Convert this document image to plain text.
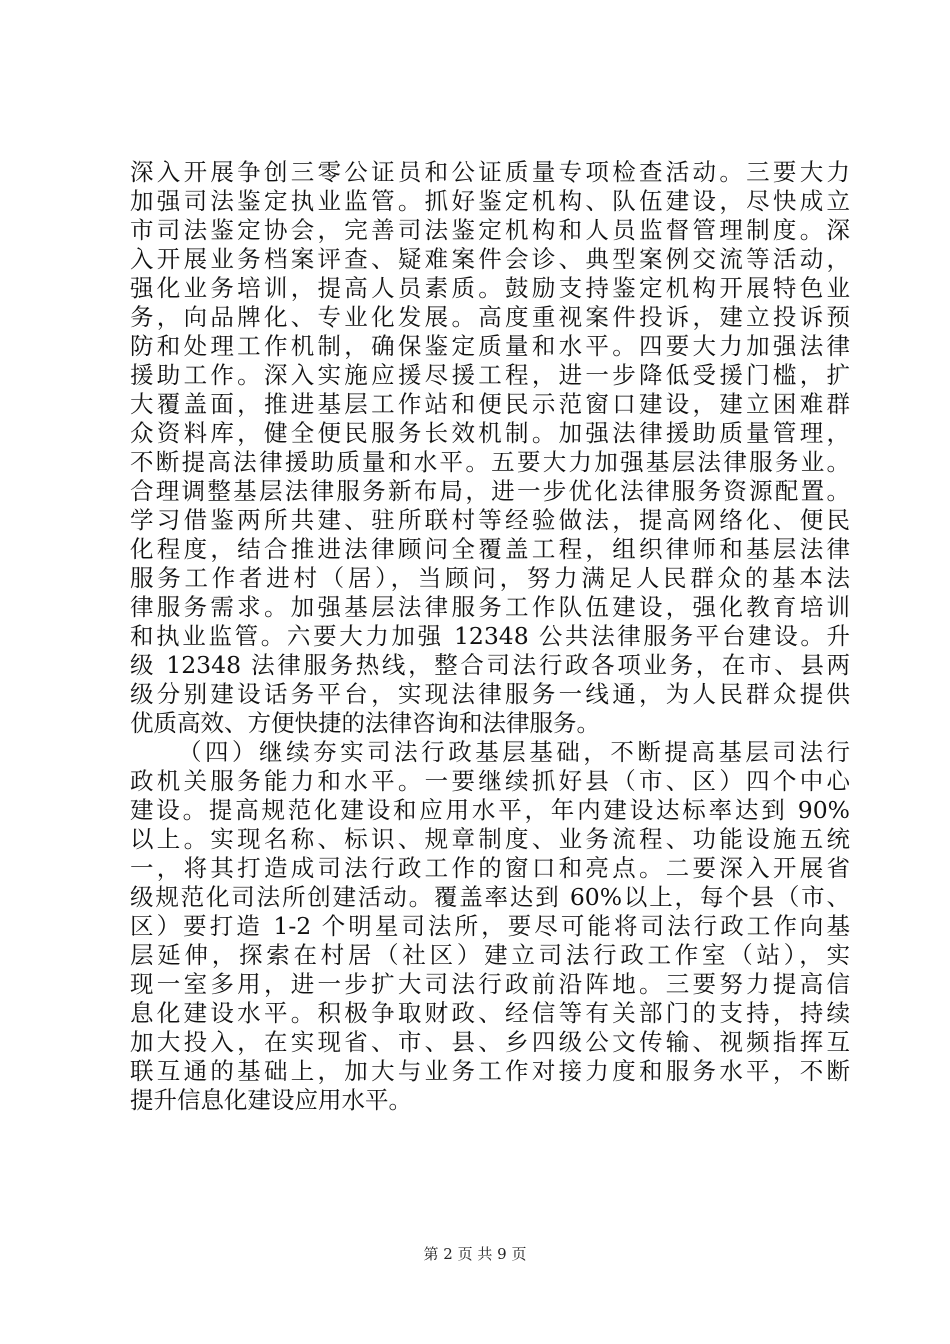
深入开展争创三零公证员和公证质量专项检查活动。三要大力
加强司法鉴定执业监管。抓好鉴定机构、队伍建设，尽快成立
市司法鉴定协会，完善司法鉴定机构和人员监督管理制度。深
入开展业务档案评查、疑难案件会诊、典型案例交流等活动，
强化业务培训，提高人员素质。鼓励支持鉴定机构开展特色业
务，向品牌化、专业化发展。高度重视案件投诉，建立投诉预
防和处理工作机制，确保鉴定质量和水平。四要大力加强法律
援助工作。深入实施应援尽援工程，进一步降低受援门槛，扩
大覆盖面，推进基层工作站和便民示范窗口建设，建立困难群
众资料库，健全便民服务长效机制。加强法律援助质量管理，
不断提高法律援助质量和水平。五要大力加强基层法律服务业。
合理调整基层法律服务新布局，进一步优化法律服务资源配置。
学习借鉴两所共建、驻所联村等经验做法，提高网络化、便民
化程度，结合推进法律顾问全覆盖工程，组织律师和基层法律
服务工作者进村（居），当顾问，努力满足人民群众的基本法
律服务需求。加强基层法律服务工作队伍建设，强化教育培训
和执业监管。六要大力加强 12348 公共法律服务平台建设。升
级 12348 法律服务热线，整合司法行政各项业务，在市、县两
级分别建设话务平台，实现法律服务一线通，为人民群众提供
优质高效、方便快捷的法律咨询和法律服务。
（四）继续夯实司法行政基层基础，不断提高基层司法行
政机关服务能力和水平。一要继续抓好县（市、区）四个中心
建设。提高规范化建设和应用水平，年内建设达标率达到 90%
以上。实现名称、标识、规章制度、业务流程、功能设施五统
一，将其打造成司法行政工作的窗口和亮点。二要深入开展省
级规范化司法所创建活动。覆盖率达到 60%以上，每个县（市、
区）要打造 1-2 个明星司法所，要尽可能将司法行政工作向基
层延伸，探索在村居（社区）建立司法行政工作室（站），实
现一室多用，进一步扩大司法行政前沿阵地。三要努力提高信
息化建设水平。积极争取财政、经信等有关部门的支持，持续
加大投入，在实现省、市、县、乡四级公文传输、视频指挥互
联互通的基础上，加大与业务工作对接力度和服务水平，不断
提升信息化建设应用水平。
第 2 页 共 9 页
